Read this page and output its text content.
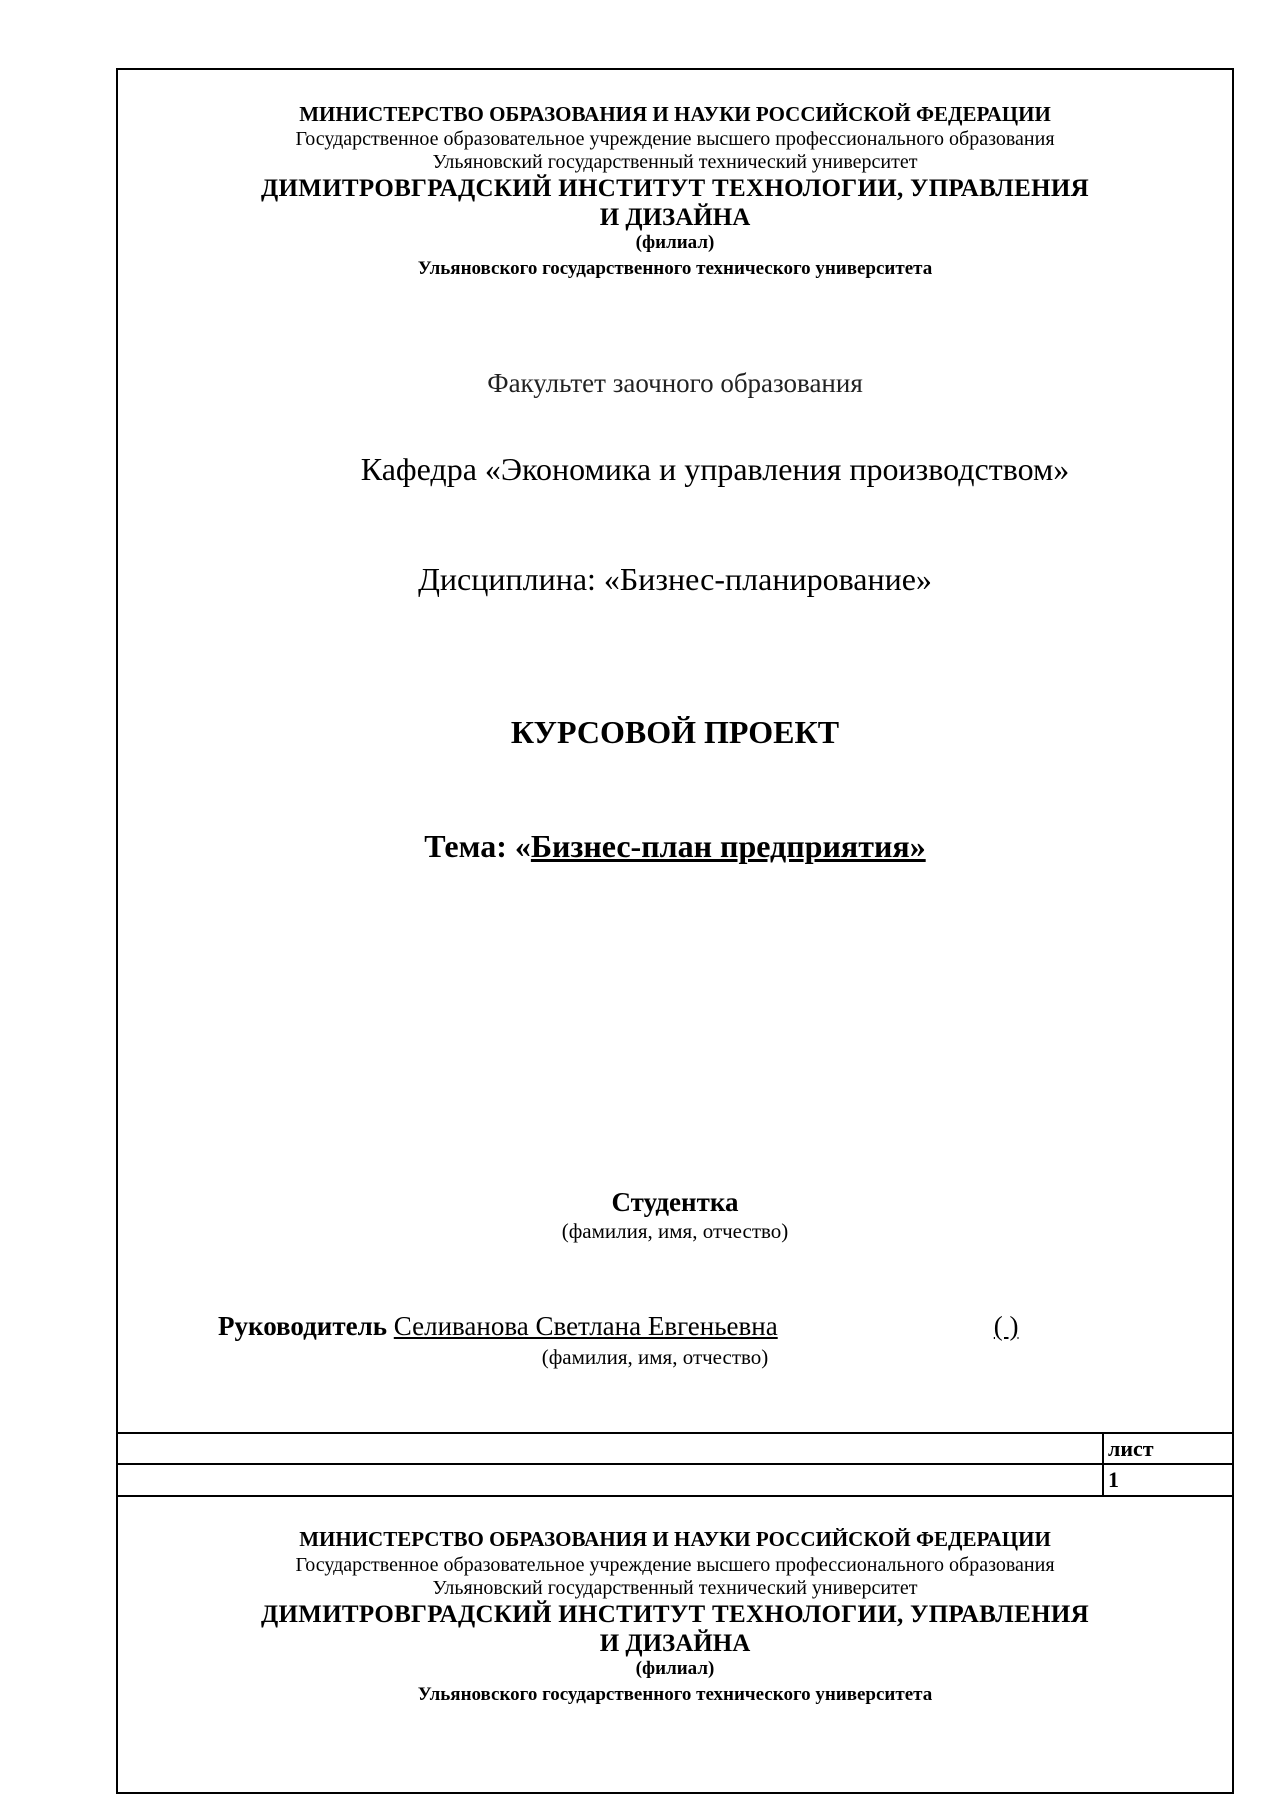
МИНИСТЕРСТВО ОБРАЗОВАНИЯ И НАУКИ РОССИЙСКОЙ ФЕДЕРАЦИИ
Государственное образовательное учреждение высшего профессионального образования
Ульяновский государственный технический университет
ДИМИТРОВГРАДСКИЙ ИНСТИТУТ ТЕХНОЛОГИИ, УПРАВЛЕНИЯ
И ДИЗАЙНА
(филиал)
Ульяновского государственного технического университета
Факультет заочного образования
Кафедра «Экономика и управления производством»
Дисциплина: «Бизнес-планирование»
КУРСОВОЙ ПРОЕКТ
Тема: «Бизнес-план предприятия»
Студентка
(фамилия, имя, отчество)
Руководитель Селиванова Светлана Евгеньевна	( )
(фамилия, имя, отчество)
лист
1
МИНИСТЕРСТВО ОБРАЗОВАНИЯ И НАУКИ РОССИЙСКОЙ ФЕДЕРАЦИИ
Государственное образовательное учреждение высшего профессионального образования
Ульяновский государственный технический университет
ДИМИТРОВГРАДСКИЙ ИНСТИТУТ ТЕХНОЛОГИИ, УПРАВЛЕНИЯ
И ДИЗАЙНА
(филиал)
Ульяновского государственного технического университета
